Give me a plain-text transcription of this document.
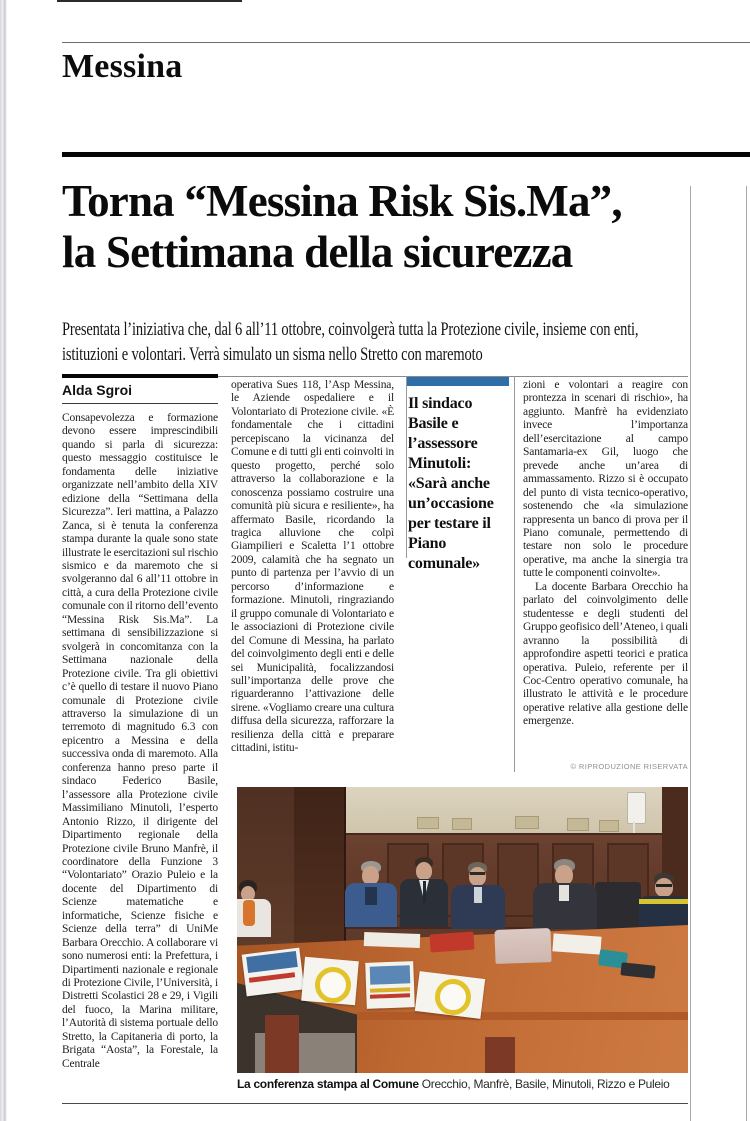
Messina
Torna “Messina Risk Sis.Ma”,
la Settimana della sicurezza
Presentata l’iniziativa che, dal 6 all’11 ottobre, coinvolgerà tutta la Protezione civile, insieme con enti, istituzioni e volontari. Verrà simulato un sisma nello Stretto con maremoto
Alda Sgroi

Consapevolezza e formazione devono essere imprescindibili quando si parla di sicurezza: questo messaggio costituisce le fondamenta delle iniziative organizzate nell’ambito della XIV edizione della “Settimana della Sicurezza”. Ieri mattina, a Palazzo Zanca, si è tenuta la conferenza stampa durante la quale sono state illustrate le esercitazioni sul rischio sismico e da maremoto che si svolgeranno dal 6 all’11 ottobre in città, a cura della Protezione civile comunale con il ritorno dell’evento “Messina Risk Sis.Ma”. La settimana di sensibilizzazione si svolgerà in concomitanza con la Settimana nazionale della Protezione civile. Tra gli obiettivi c’è quello di testare il nuovo Piano comunale di Protezione civile attraverso la simulazione di un terremoto di magnitudo 6.3 con epicentro a Messina e della successiva onda di maremoto. Alla conferenza hanno preso parte il sindaco Federico Basile, l’assessore alla Protezione civile Massimiliano Minutoli, l’esperto Antonio Rizzo, il dirigente del Dipartimento regionale della Protezione civile Bruno Manfrè, il coordinatore della Funzione 3 “Volontariato” Orazio Puleio e la docente del Dipartimento di Scienze matematiche e informatiche, Scienze fisiche e Scienze della terra” di UniMe Barbara Orecchio. A collaborare vi sono numerosi enti: la Prefettura, i Dipartimenti nazionale e regionale di Protezione Civile, l’Università, i Distretti Scolastici 28 e 29, i Vigili del fuoco, la Marina militare, l’Autorità di sistema portuale dello Stretto, la Capitaneria di porto, la Brigata “Aosta”, la Forestale, la Centrale

operativa Sues 118, l’Asp Messina, le Aziende ospedaliere e il Volontariato di Protezione civile. «È fondamentale che i cittadini percepiscano la vicinanza del Comune e di tutti gli enti coinvolti in questo progetto, perché solo attraverso la collaborazione e la conoscenza possiamo costruire una comunità più sicura e resiliente», ha affermato Basile, ricordando la tragica alluvione che colpì Giampilieri e Scaletta l’1 ottobre 2009, calamità che ha segnato un punto di partenza per l’avvio di un percorso d’informazione e formazione. Minutoli, ringraziando il gruppo comunale di Volontariato e le associazioni di Protezione civile del Comune di Messina, ha parlato del coinvolgimento degli enti e delle sei Municipalità, focalizzandosi sull’importanza delle prove che riguarderanno l’attivazione delle sirene. «Vogliamo creare una cultura diffusa della sicurezza, rafforzare la resilienza della città e preparare cittadini, istitu-

Il sindaco Basile e l’assessore Minutoli: «Sarà anche un’occasione per testare il Piano comunale»

zioni e volontari a reagire con prontezza in scenari di rischio», ha aggiunto. Manfrè ha evidenziato invece l’importanza dell’esercitazione al campo Santamaria-ex Gil, luogo che prevede anche un’area di ammassamento. Rizzo si è occupato del punto di vista tecnico-operativo, sostenendo che «la simulazione rappresenta un banco di prova per il Piano comunale, permettendo di testare non solo le procedure operative, ma anche la sinergia tra tutte le componenti coinvolte».

La docente Barbara Orecchio ha parlato del coinvolgimento delle studentesse e degli studenti del Gruppo geofisico dell’Ateneo, i quali avranno la possibilità di approfondire aspetti teorici e pratica operativa. Puleio, referente per il Coc-Centro operativo comunale, ha illustrato le attività e le procedure operative relative alla gestione delle emergenze.

© RIPRODUZIONE RISERVATA
La conferenza stampa al Comune Orecchio, Manfrè, Basile, Minutoli, Rizzo e Puleio
